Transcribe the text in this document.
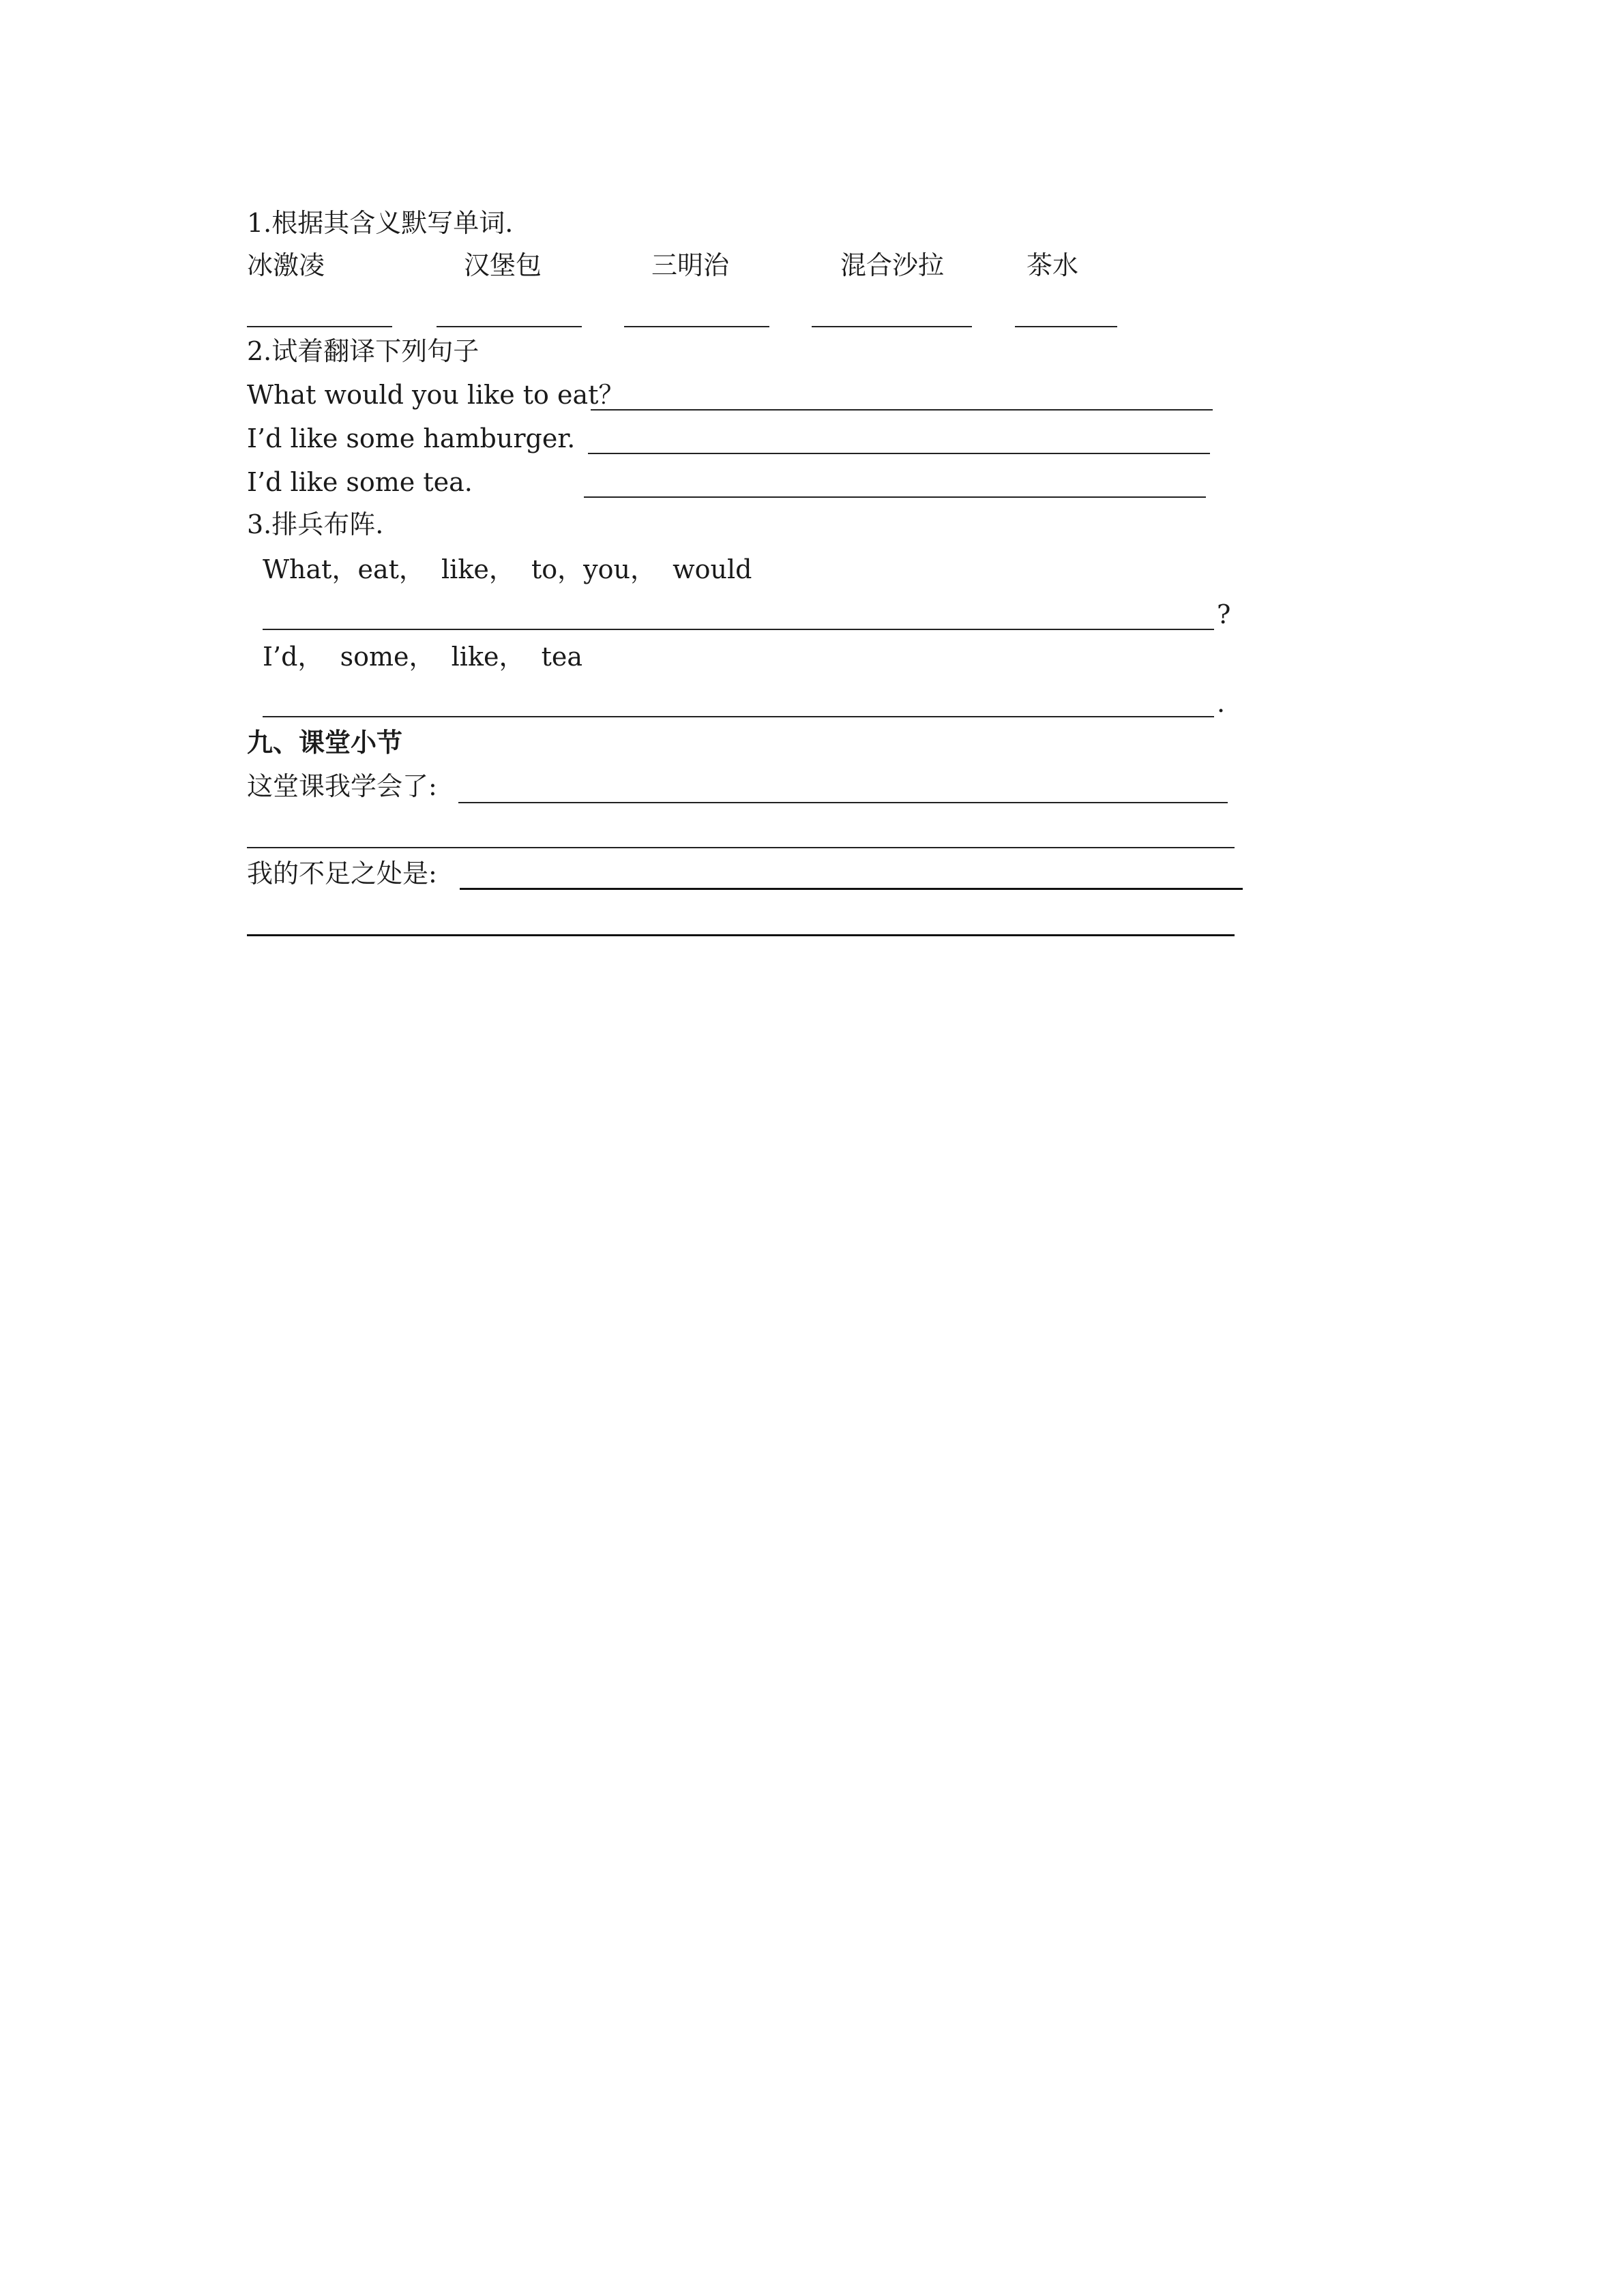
1.根据其含义默写单词.
冰激凌	汉堡包	三明治	混合沙拉	茶水
2.试着翻译下列句子
What would you like to eat？
I’d like some hamburger.
I’d like some tea.
3.排兵布阵.
What，eat，  like，  to，you，  would
?
I’d，  some，  like，  tea
.
九、课堂小节
这堂课我学会了:
我的不足之处是:
